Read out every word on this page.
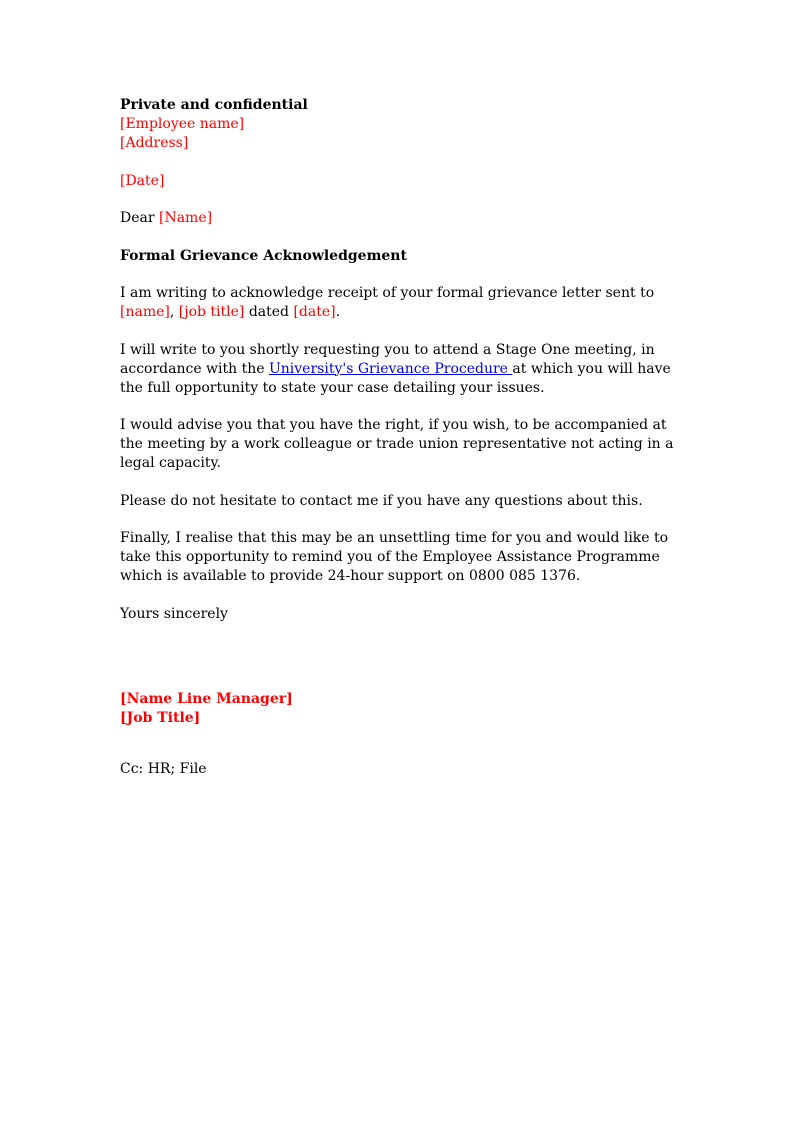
Private and confidential
[Employee name]
[Address]
[Date]
Dear [Name]
Formal Grievance Acknowledgement
I am writing to acknowledge receipt of your formal grievance letter sent to
[name], [job title] dated [date].
I will write to you shortly requesting you to attend a Stage One meeting, in accordance with the University's Grievance Procedure at which you will have the full opportunity to state your case detailing your issues.
I would advise you that you have the right, if you wish, to be accompanied at the meeting by a work colleague or trade union representative not acting in a legal capacity.
Please do not hesitate to contact me if you have any questions about this.
Finally, I realise that this may be an unsettling time for you and would like to take this opportunity to remind you of the Employee Assistance Programme which is available to provide 24-hour support on 0800 085 1376.
Yours sincerely
[Name Line Manager]
[Job Title]
Cc: HR; File
